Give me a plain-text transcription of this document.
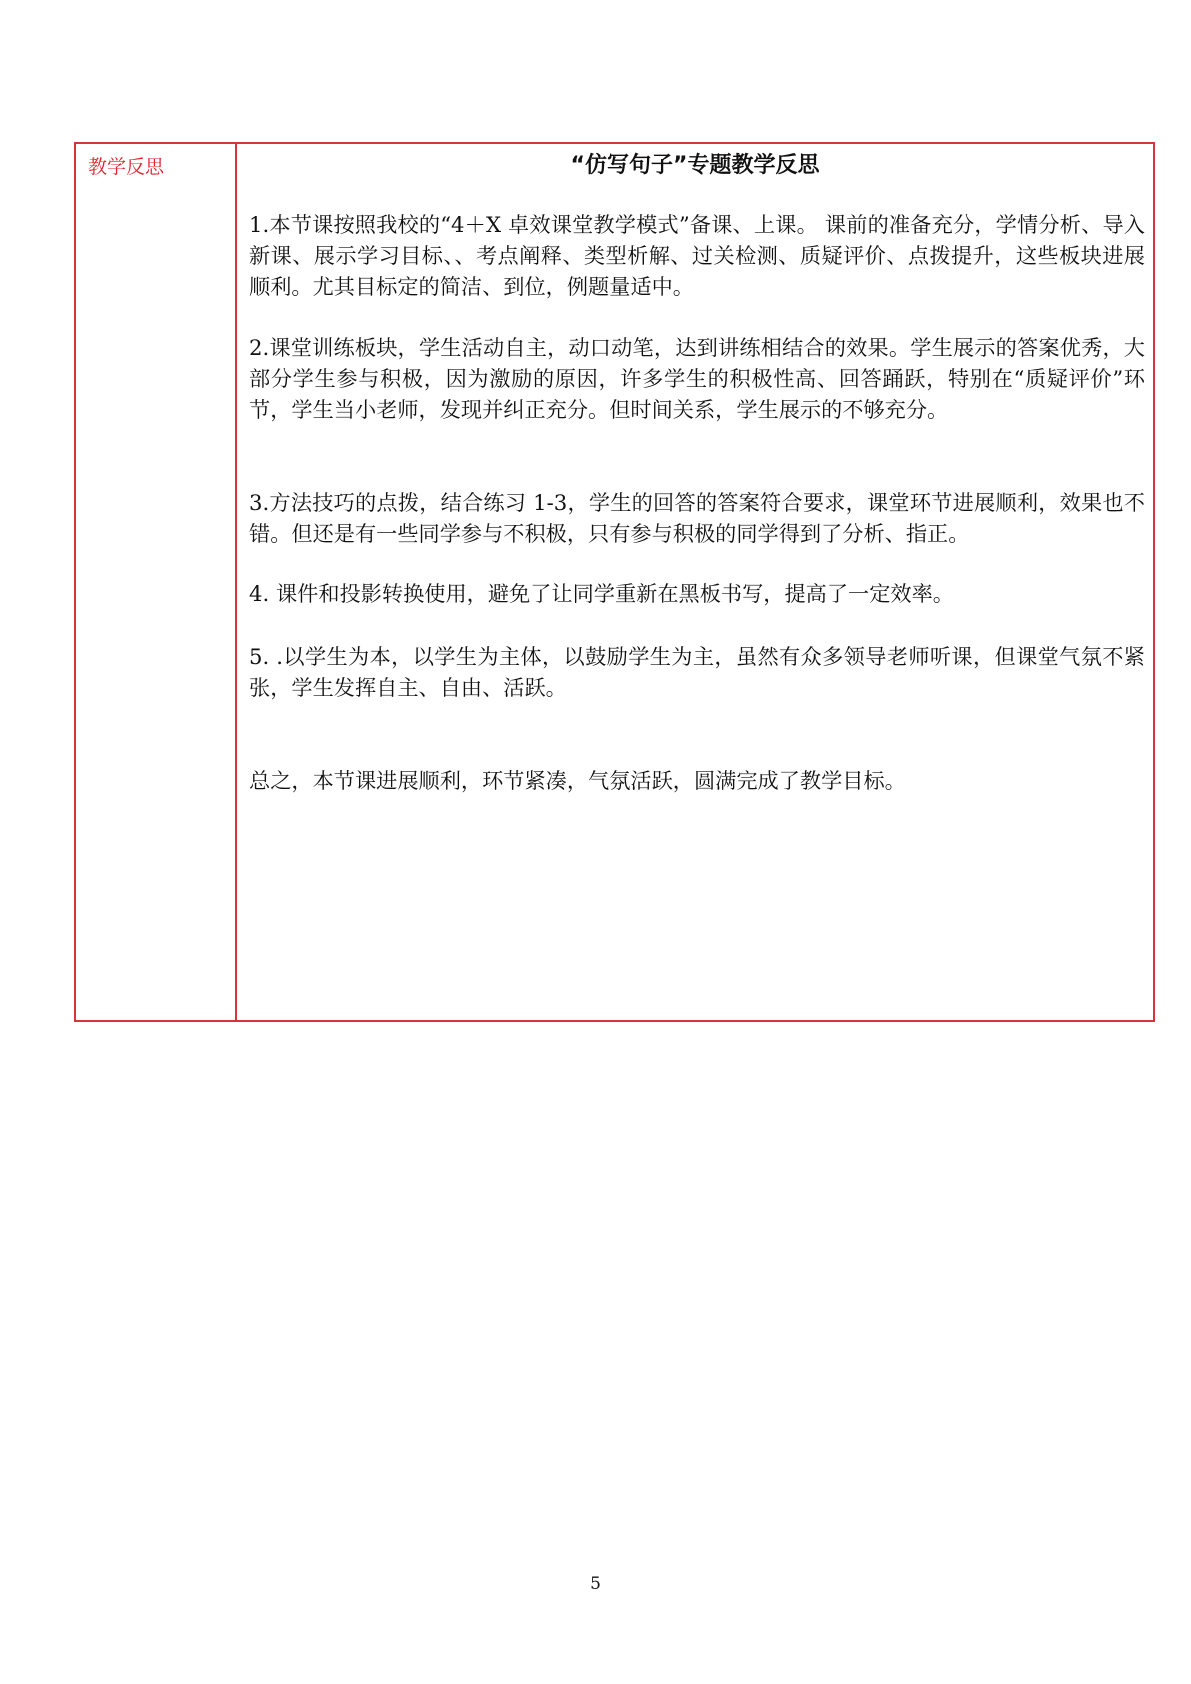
教学反思	“仿写句子”专题教学反思

1.本节课按照我校的“4＋X 卓效课堂教学模式”备课、上课。 课前的准备充分，学情分析、导入新课、展示学习目标、、考点阐释、类型析解、过关检测、质疑评价、点拨提升，这些板块进展顺利。尤其目标定的简洁、到位，例题量适中。

2.课堂训练板块，学生活动自主，动口动笔，达到讲练相结合的效果。学生展示的答案优秀，大部分学生参与积极，因为激励的原因，许多学生的积极性高、回答踊跃，特别在“质疑评价”环节，学生当小老师，发现并纠正充分。但时间关系，学生展示的不够充分。

3.方法技巧的点拨，结合练习 1-3，学生的回答的答案符合要求，课堂环节进展顺利，效果也不错。但还是有一些同学参与不积极，只有参与积极的同学得到了分析、指正。

4. 课件和投影转换使用，避免了让同学重新在黑板书写，提高了一定效率。

5. .以学生为本，以学生为主体，以鼓励学生为主，虽然有众多领导老师听课，但课堂气氛不紧张，学生发挥自主、自由、活跃。

总之，本节课进展顺利，环节紧凑，气氛活跃，圆满完成了教学目标。

5
